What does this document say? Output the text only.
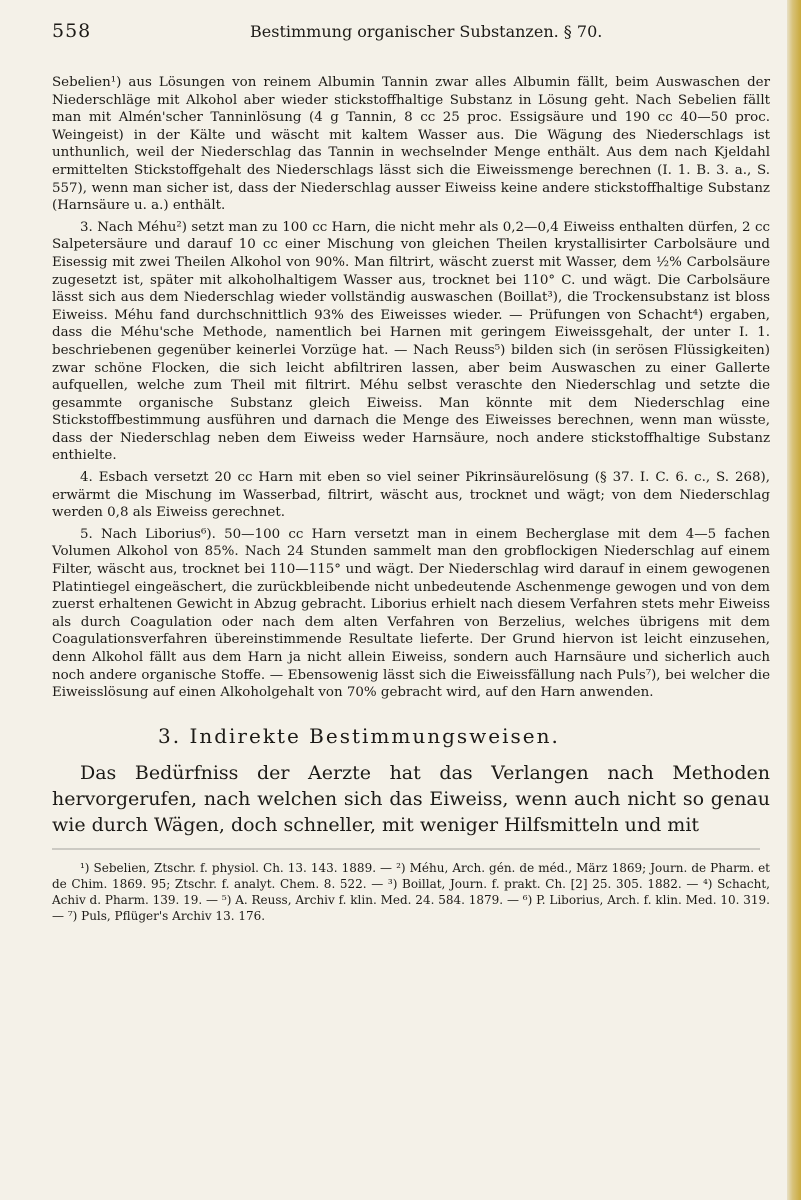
558	Bestimmung organischer Substanzen. § 70.

Sebelien¹) aus Lösungen von reinem Albumin Tannin zwar alles Albumin fällt, beim Auswaschen der Niederschläge mit Alkohol aber wieder stickstoffhaltige Substanz in Lösung geht. Nach Sebelien fällt man mit Almén'scher Tanninlösung (4 g Tannin, 8 cc 25 proc. Essigsäure und 190 cc 40—50 proc. Weingeist) in der Kälte und wäscht mit kaltem Wasser aus. Die Wägung des Niederschlags ist unthunlich, weil der Niederschlag das Tannin in wechselnder Menge enthält. Aus dem nach Kjeldahl ermittelten Stickstoffgehalt des Niederschlags lässt sich die Eiweissmenge berechnen (I. 1. B. 3. a., S. 557), wenn man sicher ist, dass der Niederschlag ausser Eiweiss keine andere stickstoffhaltige Substanz (Harnsäure u. a.) enthält.

3. Nach Méhu²) setzt man zu 100 cc Harn, die nicht mehr als 0,2—0,4 Eiweiss enthalten dürfen, 2 cc Salpetersäure und darauf 10 cc einer Mischung von gleichen Theilen krystallisirter Carbolsäure und Eisessig mit zwei Theilen Alkohol von 90%. Man filtrirt, wäscht zuerst mit Wasser, dem ½% Carbolsäure zugesetzt ist, später mit alkoholhaltigem Wasser aus, trocknet bei 110° C. und wägt. Die Carbolsäure lässt sich aus dem Niederschlag wieder vollständig auswaschen (Boillat³), die Trockensubstanz ist bloss Eiweiss. Méhu fand durchschnittlich 93% des Eiweisses wieder. — Prüfungen von Schacht⁴) ergaben, dass die Méhu'sche Methode, namentlich bei Harnen mit geringem Eiweissgehalt, der unter I. 1. beschriebenen gegenüber keinerlei Vorzüge hat. — Nach Reuss⁵) bilden sich (in serösen Flüssigkeiten) zwar schöne Flocken, die sich leicht abfiltriren lassen, aber beim Auswaschen zu einer Gallerte aufquellen, welche zum Theil mit filtrirt. Méhu selbst veraschte den Niederschlag und setzte die gesammte organische Substanz gleich Eiweiss. Man könnte mit dem Niederschlag eine Stickstoffbestimmung ausführen und darnach die Menge des Eiweisses berechnen, wenn man wüsste, dass der Niederschlag neben dem Eiweiss weder Harnsäure, noch andere stickstoffhaltige Substanz enthielte.

4. Esbach versetzt 20 cc Harn mit eben so viel seiner Pikrinsäurelösung (§ 37. I. C. 6. c., S. 268), erwärmt die Mischung im Wasserbad, filtrirt, wäscht aus, trocknet und wägt; von dem Niederschlag werden 0,8 als Eiweiss gerechnet.

5. Nach Liborius⁶). 50—100 cc Harn versetzt man in einem Becherglase mit dem 4—5 fachen Volumen Alkohol von 85%. Nach 24 Stunden sammelt man den grobflockigen Niederschlag auf einem Filter, wäscht aus, trocknet bei 110—115° und wägt. Der Niederschlag wird darauf in einem gewogenen Platintiegel eingeäschert, die zurückbleibende nicht unbedeutende Aschenmenge gewogen und von dem zuerst erhaltenen Gewicht in Abzug gebracht. Liborius erhielt nach diesem Verfahren stets mehr Eiweiss als durch Coagulation oder nach dem alten Verfahren von Berzelius, welches übrigens mit dem Coagulationsverfahren übereinstimmende Resultate lieferte. Der Grund hiervon ist leicht einzusehen, denn Alkohol fällt aus dem Harn ja nicht allein Eiweiss, sondern auch Harnsäure und sicherlich auch noch andere organische Stoffe. — Ebensowenig lässt sich die Eiweissfällung nach Puls⁷), bei welcher die Eiweisslösung auf einen Alkoholgehalt von 70% gebracht wird, auf den Harn anwenden.

3. Indirekte Bestimmungsweisen.

Das Bedürfniss der Aerzte hat das Verlangen nach Methoden hervorgerufen, nach welchen sich das Eiweiss, wenn auch nicht so genau wie durch Wägen, doch schneller, mit weniger Hilfsmitteln und mit

¹) Sebelien, Ztschr. f. physiol. Ch. 13. 143. 1889. — ²) Méhu, Arch. gén. de méd., März 1869; Journ. de Pharm. et de Chim. 1869. 95; Ztschr. f. analyt. Chem. 8. 522. — ³) Boillat, Journ. f. prakt. Ch. [2] 25. 305. 1882. — ⁴) Schacht, Achiv d. Pharm. 139. 19. — ⁵) A. Reuss, Archiv f. klin. Med. 24. 584. 1879. — ⁶) P. Liborius, Arch. f. klin. Med. 10. 319. — ⁷) Puls, Pflüger's Archiv 13. 176.
